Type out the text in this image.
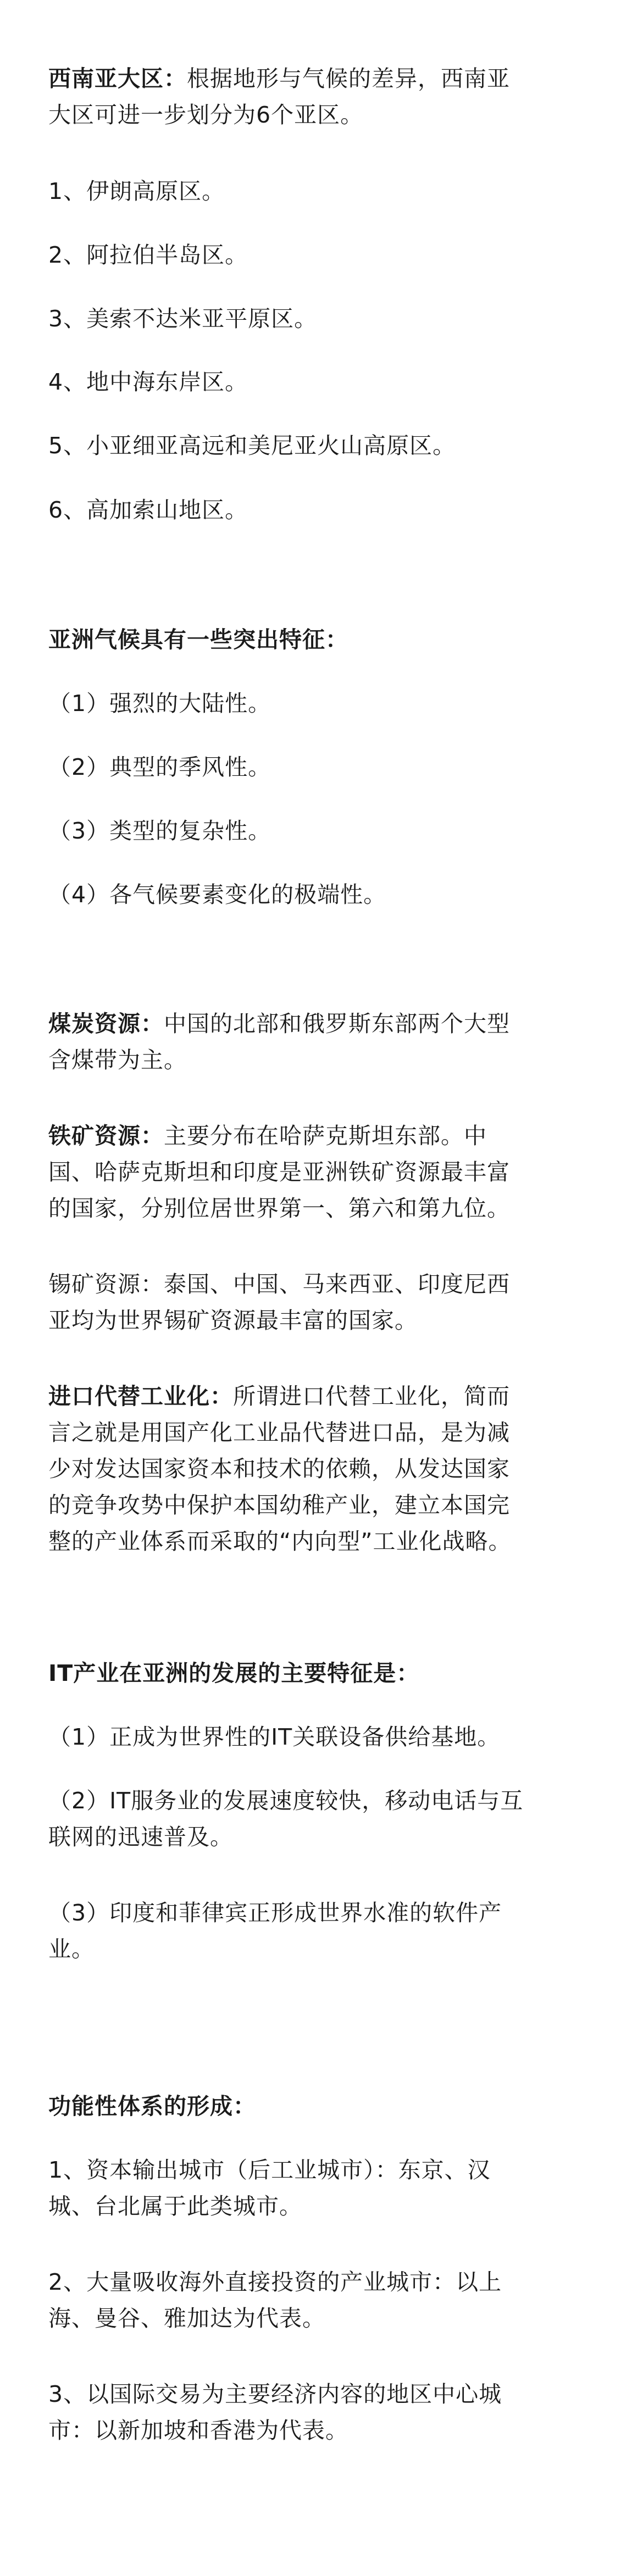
西南亚大区：根据地形与气候的差异，西南亚
大区可进一步划分为6个亚区。
1、伊朗高原区。
2、阿拉伯半岛区。
3、美索不达米亚平原区。
4、地中海东岸区。
5、小亚细亚高远和美尼亚火山高原区。
6、高加索山地区。
亚洲气候具有一些突出特征：
（1）强烈的大陆性。
（2）典型的季风性。
（3）类型的复杂性。
（4）各气候要素变化的极端性。
煤炭资源：中国的北部和俄罗斯东部两个大型
含煤带为主。
铁矿资源：主要分布在哈萨克斯坦东部。中
国、哈萨克斯坦和印度是亚洲铁矿资源最丰富
的国家，分别位居世界第一、第六和第九位。
锡矿资源：泰国、中国、马来西亚、印度尼西
亚均为世界锡矿资源最丰富的国家。
进口代替工业化：所谓进口代替工业化，简而
言之就是用国产化工业品代替进口品，是为减
少对发达国家资本和技术的依赖，从发达国家
的竞争攻势中保护本国幼稚产业，建立本国完
整的产业体系而采取的“内向型”工业化战略。
IT产业在亚洲的发展的主要特征是：
（1）正成为世界性的IT关联设备供给基地。
（2）IT服务业的发展速度较快，移动电话与互
联网的迅速普及。
（3）印度和菲律宾正形成世界水准的软件产
业。
功能性体系的形成：
1、资本输出城市（后工业城市）：东京、汉
城、台北属于此类城市。
2、大量吸收海外直接投资的产业城市：以上
海、曼谷、雅加达为代表。
3、以国际交易为主要经济内容的地区中心城
市：以新加坡和香港为代表。
